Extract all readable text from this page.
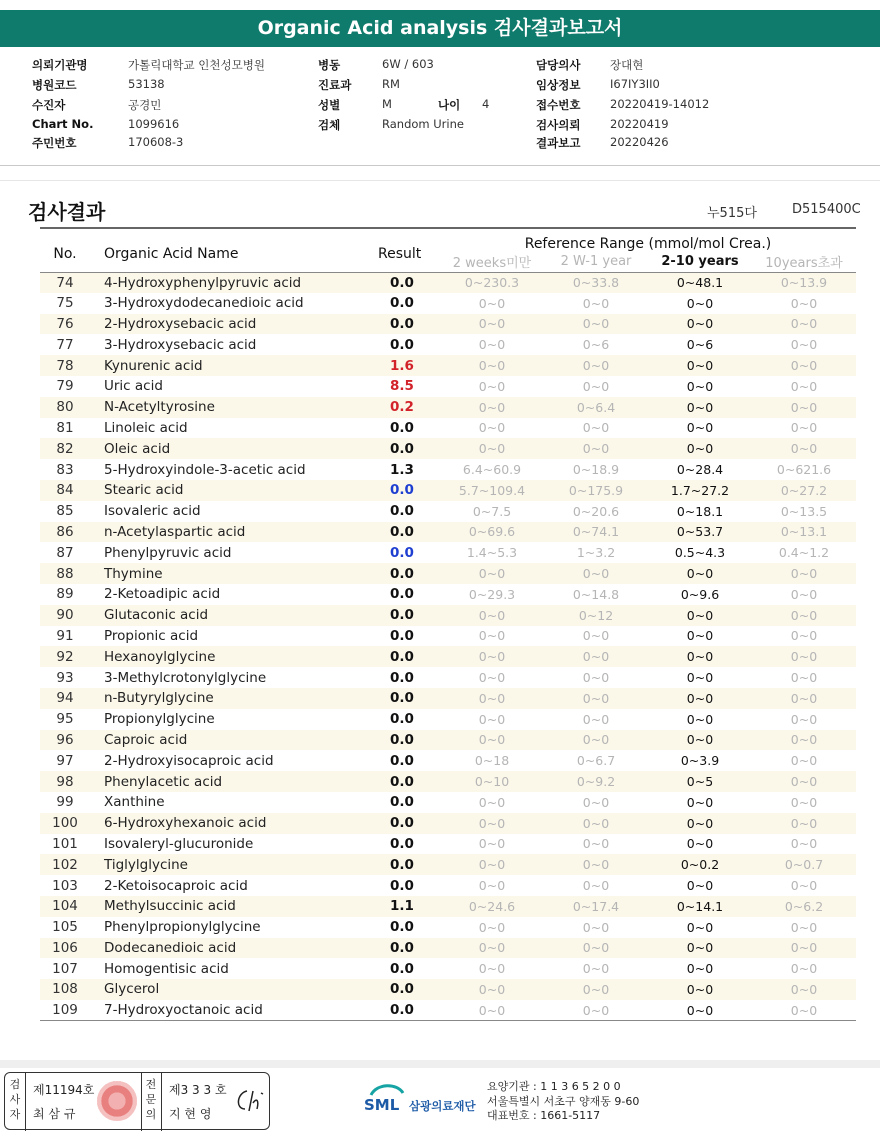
Organic Acid analysis 검사결과보고서
의뢰기관명	가톨릭대학교 인천성모병원
병원코드	53138
수진자	공경민
Chart No.	1099616
주민번호	170608-3
병동	6W / 603
진료과	RM
성별	M	나이 4
검체	Random Urine
담당의사	장대현
임상정보	I67IY3II0
접수번호	20220419-14012
검사의뢰	20220419
결과보고	20220426
검사결과	누515다	D515400C
No.	Organic Acid Name	Result	Reference Range (mmol/mol Crea.)			
			2 weeks미만	2 W-1 year	2-10 years	10years초과
74	4-Hydroxyphenylpyruvic acid	0.0	0~230.3	0~33.8	0~48.1	0~13.9
75	3-Hydroxydodecanedioic acid	0.0	0~0	0~0	0~0	0~0
76	2-Hydroxysebacic acid	0.0	0~0	0~0	0~0	0~0
77	3-Hydroxysebacic acid	0.0	0~0	0~6	0~6	0~0
78	Kynurenic acid	1.6	0~0	0~0	0~0	0~0
79	Uric acid	8.5	0~0	0~0	0~0	0~0
80	N-Acetyltyrosine	0.2	0~0	0~6.4	0~0	0~0
81	Linoleic acid	0.0	0~0	0~0	0~0	0~0
82	Oleic acid	0.0	0~0	0~0	0~0	0~0
83	5-Hydroxyindole-3-acetic acid	1.3	6.4~60.9	0~18.9	0~28.4	0~621.6
84	Stearic acid	0.0	5.7~109.4	0~175.9	1.7~27.2	0~27.2
85	Isovaleric acid	0.0	0~7.5	0~20.6	0~18.1	0~13.5
86	n-Acetylaspartic acid	0.0	0~69.6	0~74.1	0~53.7	0~13.1
87	Phenylpyruvic acid	0.0	1.4~5.3	1~3.2	0.5~4.3	0.4~1.2
88	Thymine	0.0	0~0	0~0	0~0	0~0
89	2-Ketoadipic acid	0.0	0~29.3	0~14.8	0~9.6	0~0
90	Glutaconic acid	0.0	0~0	0~12	0~0	0~0
91	Propionic acid	0.0	0~0	0~0	0~0	0~0
92	Hexanoylglycine	0.0	0~0	0~0	0~0	0~0
93	3-Methylcrotonylglycine	0.0	0~0	0~0	0~0	0~0
94	n-Butyrylglycine	0.0	0~0	0~0	0~0	0~0
95	Propionylglycine	0.0	0~0	0~0	0~0	0~0
96	Caproic acid	0.0	0~0	0~0	0~0	0~0
97	2-Hydroxyisocaproic acid	0.0	0~18	0~6.7	0~3.9	0~0
98	Phenylacetic acid	0.0	0~10	0~9.2	0~5	0~0
99	Xanthine	0.0	0~0	0~0	0~0	0~0
100	6-Hydroxyhexanoic acid	0.0	0~0	0~0	0~0	0~0
101	Isovaleryl-glucuronide	0.0	0~0	0~0	0~0	0~0
102	Tiglylglycine	0.0	0~0	0~0	0~0.2	0~0.7
103	2-Ketoisocaproic acid	0.0	0~0	0~0	0~0	0~0
104	Methylsuccinic acid	1.1	0~24.6	0~17.4	0~14.1	0~6.2
105	Phenylpropionylglycine	0.0	0~0	0~0	0~0	0~0
106	Dodecanedioic acid	0.0	0~0	0~0	0~0	0~0
107	Homogentisic acid	0.0	0~0	0~0	0~0	0~0
108	Glycerol	0.0	0~0	0~0	0~0	0~0
109	7-Hydroxyoctanoic acid	0.0	0~0	0~0	0~0	0~0
검사자
제11194호
최 삼 규
전문의
제3 3 3 호
지 현 영	SML 삼광의료재단
요양기관 : 1 1 3 6 5 2 0 0
서울특별시 서초구 양재동 9-60
대표번호 : 1661-5117
